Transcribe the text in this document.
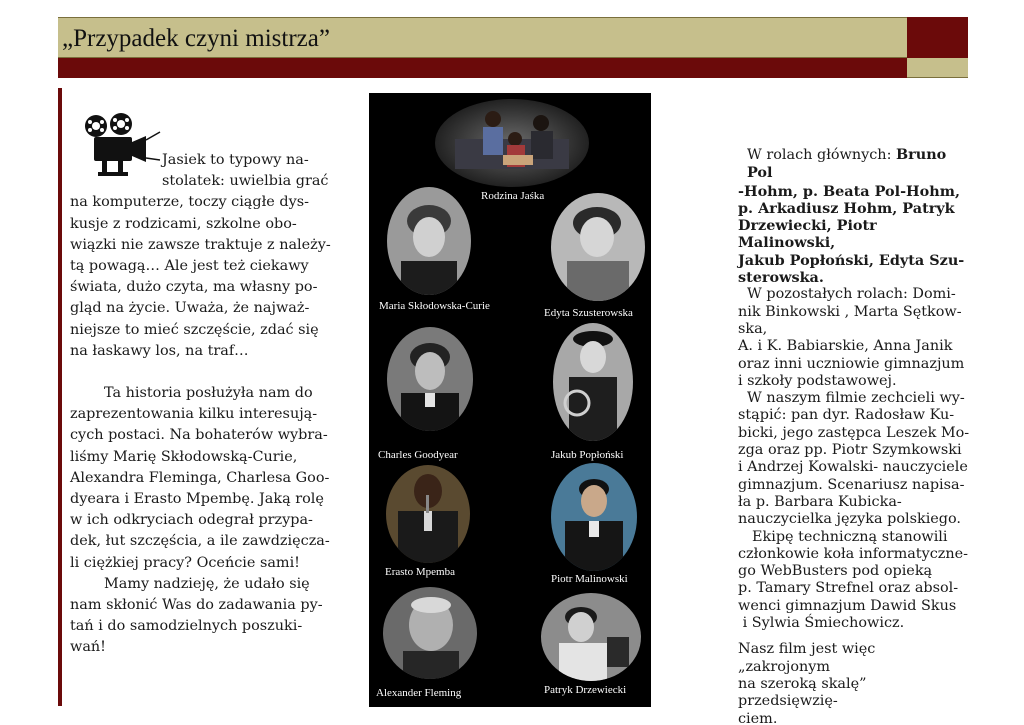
„Przypadek czyni mistrza”
Jasiek to typowy na-
stolatek: uwielbia grać
na komputerze, toczy ciągłe dys-
kusje z rodzicami, szkolne obo-
wiązki nie zawsze traktuje z należy-
tą powagą… Ale jest też ciekawy
świata, dużo czyta, ma własny po-
gląd na życie. Uważa, że najważ-
niejsze to mieć szczęście, zdać się
na łaskawy los, na traf…
Ta historia posłużyła nam do
zaprezentowania kilku interesują-
cych postaci. Na bohaterów wybra-
liśmy Marię Skłodowską-Curie,
Alexandra Fleminga, Charlesa Goo-
dyeara i Erasto Mpembę. Jaką rolę
w ich odkryciach odegrał przypa-
dek, łut szczęścia, a ile zawdzięcza-
li ciężkiej pracy? Oceńcie sami!
Mamy nadzieję, że udało się
nam skłonić Was do zadawania py-
tań i do samodzielnych poszuki-
wań!
Rodzina Jaśka
Maria Skłodowska-Curie
Edyta Szusterowska
Charles Goodyear	Jakub Popłoński
Erasto Mpemba
Piotr Malinowski
Alexander Fleming	Patryk Drzewiecki
W rolach głównych: Bruno Pol
-Hohm, p. Beata Pol-Hohm,
p. Arkadiusz Hohm, Patryk
Drzewiecki, Piotr Malinowski,
Jakub Popłoński, Edyta Szu-
sterowska.
W pozostałych rolach: Domi-
nik Binkowski , Marta Sętkow-
ska,
A. i K. Babiarskie, Anna Janik
oraz inni uczniowie gimnazjum
i szkoły podstawowej.
W naszym filmie zechcieli wy-
stąpić: pan dyr. Radosław Ku-
bicki, jego zastępca Leszek Mo-
zga oraz pp. Piotr Szymkowski
i Andrzej Kowalski- nauczyciele
gimnazjum. Scenariusz napisa-
ła p. Barbara Kubicka-
nauczycielka języka polskiego.
Ekipę techniczną stanowili
członkowie koła informatyczne-
go WebBusters pod opieką
p. Tamary Strefnel oraz absol-
wenci gimnazjum Dawid Skus
i Sylwia Śmiechowicz.
Nasz film jest więc „zakrojonym
na szeroką skalę” przedsięwzię-
ciem.
